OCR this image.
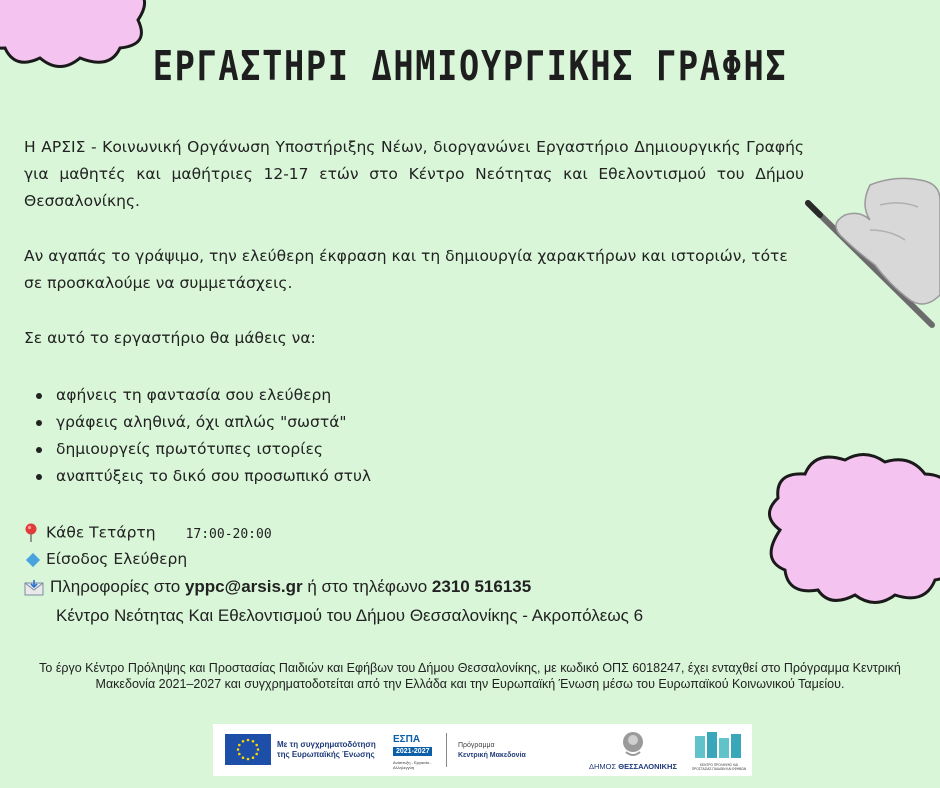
ΕΡΓΑΣΤΗΡΙ ΔΗΜΙΟΥΡΓΙΚΗΣ ΓΡΑΦΗΣ

Η ΑΡΣΙΣ - Κοινωνική Οργάνωση Υποστήριξης Νέων, διοργανώνει Εργαστήριο Δημιουργικής Γραφής για μαθητές και μαθήτριες 12-17 ετών στο Κέντρο Νεότητας και Εθελοντισμού του Δήμου Θεσσαλονίκης.

Αν αγαπάς το γράψιμο, την ελεύθερη έκφραση και τη δημιουργία χαρακτήρων και ιστοριών, τότε σε προσκαλούμε να συμμετάσχεις.

Σε αυτό το εργαστήριο θα μάθεις να:

αφήνεις τη φαντασία σου ελεύθερη
γράφεις αληθινά, όχι απλώς "σωστά"
δημιουργείς πρωτότυπες ιστορίες
αναπτύξεις το δικό σου προσωπικό στυλ
Κάθε Τετάρτη 17:00-20:00
Είσοδος Ελεύθερη
Πληροφορίες στο yppc@arsis.gr ή στο τηλέφωνο 2310 516135
Κέντρο Νεότητας Και Εθελοντισμού του Δήμου Θεσσαλονίκης - Ακροπόλεως 6
Το έργο Κέντρο Πρόληψης και Προστασίας Παιδιών και Εφήβων του Δήμου Θεσσαλονίκης, με κωδικό ΟΠΣ 6018247, έχει ενταχθεί στο Πρόγραμμα Κεντρική Μακεδονία 2021–2027 και συγχρηματοδοτείται από την Ελλάδα και την Ευρωπαϊκή Ένωση μέσω του Ευρωπαϊκού Κοινωνικού Ταμείου.
Με τη συγχρηματοδότηση της Ευρωπαϊκής Ένωσης
ΕΣΠΑ
2021-2027
Ανάπτυξη - Εργασία - Αλληλεγγύη
Πρόγραμμα
Κεντρική Μακεδονία
ΔΗΜΟΣ ΘΕΣΣΑΛΟΝΙΚΗΣ	ΚΕΝΤΡΟ ΠΡΟΛΗΨΗΣ ΚΑΙ ΠΡΟΣΤΑΣΙΑΣ ΠΑΙΔΙΩΝ ΚΑΙ ΕΦΗΒΩΝ
